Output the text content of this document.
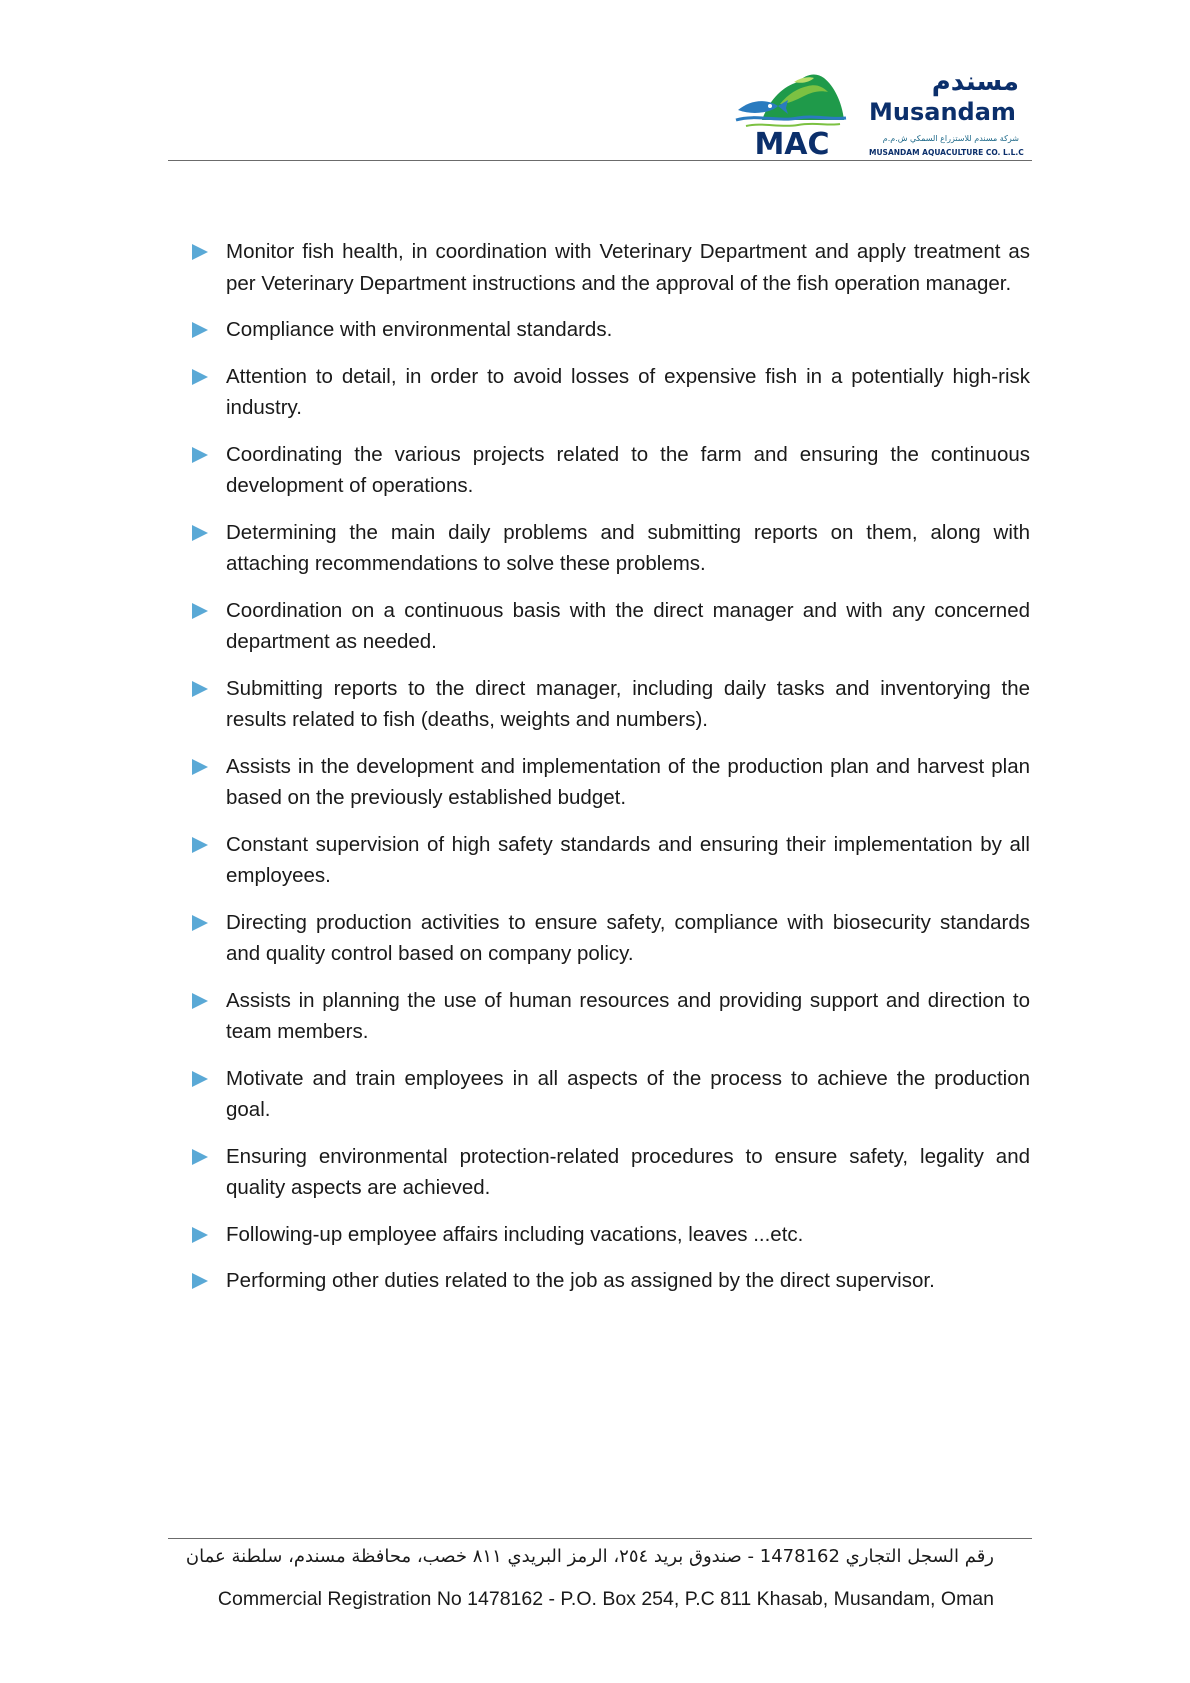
MAC
مسندم
Musandam
شركة مسندم للاستزراع السمكي ش.م.م
MUSANDAM AQUACULTURE CO. L.L.C
Monitor fish health, in coordination with Veterinary Department and apply treatment as per Veterinary Department instructions and the approval of the fish operation manager.
Compliance with environmental standards.
Attention to detail, in order to avoid losses of expensive fish in a potentially high-risk industry.
Coordinating the various projects related to the farm and ensuring the continuous development of operations.
Determining the main daily problems and submitting reports on them, along with attaching recommendations to solve these problems.
Coordination on a continuous basis with the direct manager and with any concerned department as needed.
Submitting reports to the direct manager, including daily tasks and inventorying the results related to fish (deaths, weights and numbers).
Assists in the development and implementation of the production plan and harvest plan based on the previously established budget.
Constant supervision of high safety standards and ensuring their implementation by all employees.
Directing production activities to ensure safety, compliance with biosecurity standards and quality control based on company policy.
Assists in planning the use of human resources and providing support and direction to team members.
Motivate and train employees in all aspects of the process to achieve the production goal.
Ensuring environmental protection-related procedures to ensure safety, legality and quality aspects are achieved.
Following-up employee affairs including vacations, leaves ...etc.
Performing other duties related to the job as assigned by the direct supervisor.
رقم السجل التجاري 1478162 - صندوق بريد ٢٥٤، الرمز البريدي ٨١١ خصب، محافظة مسندم، سلطنة عمان
Commercial Registration No 1478162 - P.O. Box 254, P.C 811 Khasab, Musandam, Oman
